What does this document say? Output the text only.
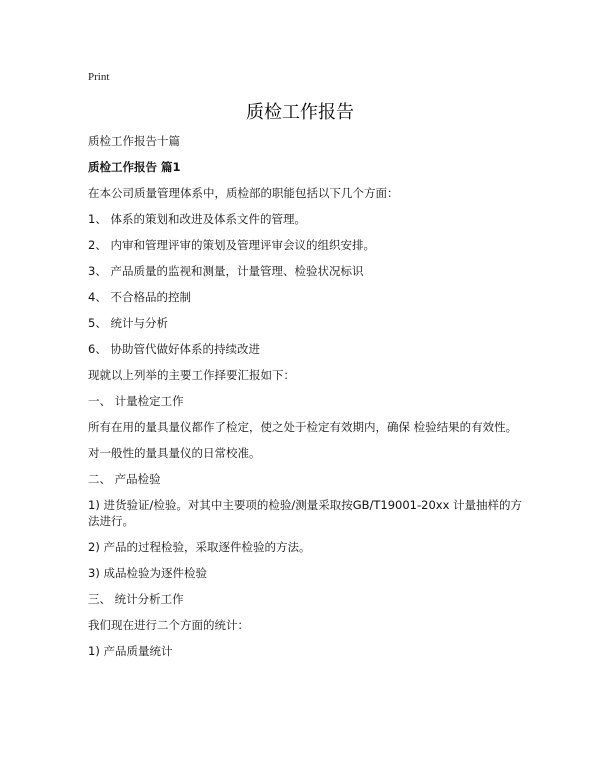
Print
质检工作报告

质检工作报告十篇

质检工作报告 篇1

在本公司质量管理体系中，质检部的职能包括以下几个方面：

1、 体系的策划和改进及体系文件的管理。

2、 内审和管理评审的策划及管理评审会议的组织安排。

3、 产品质量的监视和测量，计量管理、检验状况标识

4、 不合格品的控制

5、 统计与分析

6、 协助管代做好体系的持续改进

现就以上列举的主要工作择要汇报如下：

一、 计量检定工作

所有在用的量具量仪都作了检定，使之处于检定有效期内，确保 检验结果的有效性。

对一般性的量具量仪的日常校准。

二、 产品检验

1) 进货验证/检验。对其中主要项的检验/测量采取按GB/T19001-20xx 计量抽样的方法进行。

2) 产品的过程检验，采取逐件检验的方法。

3) 成品检验为逐件检验

三、 统计分析工作

我们现在进行二个方面的统计：

1) 产品质量统计
